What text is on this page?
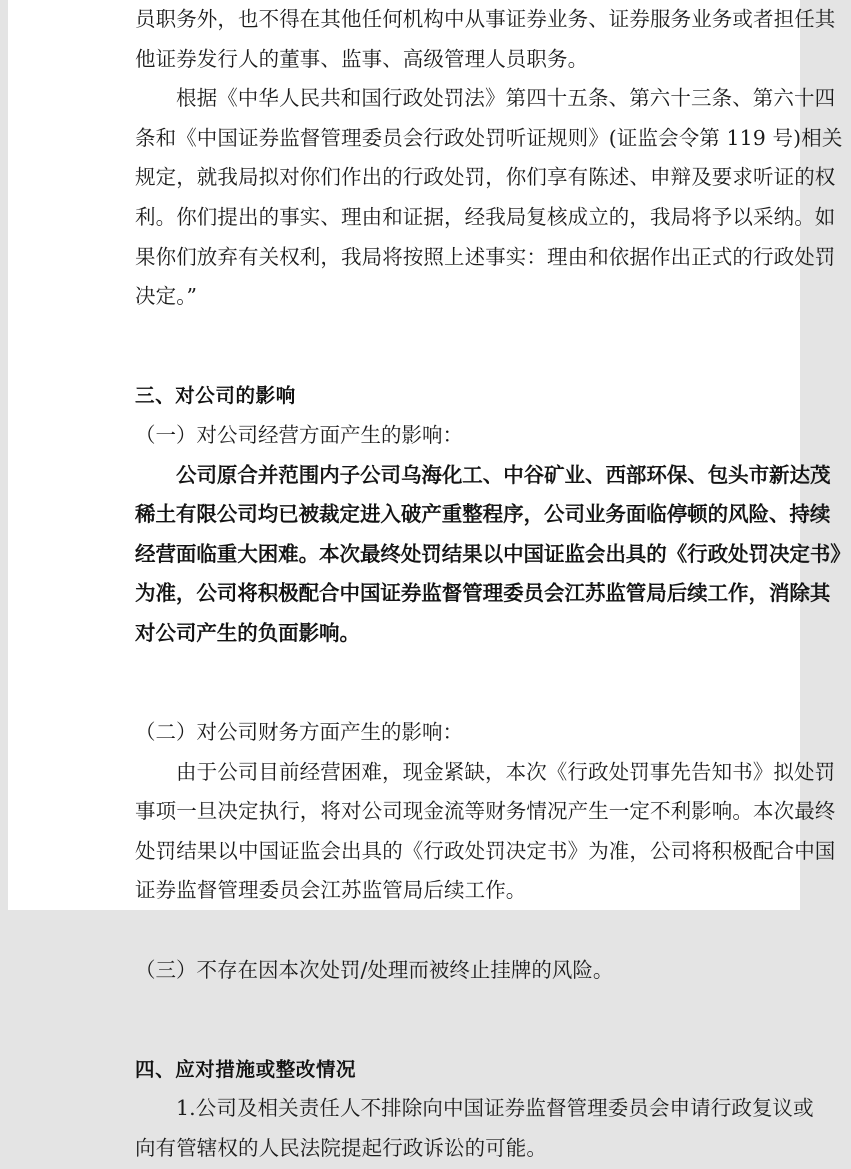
员职务外，也不得在其他任何机构中从事证券业务、证券服务业务或者担任其
他证券发行人的董事、监事、高级管理人员职务。
根据《中华人民共和国行政处罚法》第四十五条、第六十三条、第六十四
条和《中国证券监督管理委员会行政处罚听证规则》(证监会令第 119 号)相关
规定，就我局拟对你们作出的行政处罚，你们享有陈述、申辩及要求听证的权
利。你们提出的事实、理由和证据，经我局复核成立的，我局将予以采纳。如
果你们放弃有关权利，我局将按照上述事实：理由和依据作出正式的行政处罚
决定。”
三、对公司的影响
（一）对公司经营方面产生的影响：
公司原合并范围内子公司乌海化工、中谷矿业、西部环保、包头市新达茂
稀土有限公司均已被裁定进入破产重整程序，公司业务面临停顿的风险、持续
经营面临重大困难。本次最终处罚结果以中国证监会出具的《行政处罚决定书》
为准，公司将积极配合中国证券监督管理委员会江苏监管局后续工作，消除其
对公司产生的负面影响。
（二）对公司财务方面产生的影响：
由于公司目前经营困难，现金紧缺，本次《行政处罚事先告知书》拟处罚
事项一旦决定执行，将对公司现金流等财务情况产生一定不利影响。本次最终
处罚结果以中国证监会出具的《行政处罚决定书》为准，公司将积极配合中国
证券监督管理委员会江苏监管局后续工作。
（三）不存在因本次处罚/处理而被终止挂牌的风险。
四、应对措施或整改情况
1.公司及相关责任人不排除向中国证券监督管理委员会申请行政复议或
向有管辖权的人民法院提起行政诉讼的可能。
